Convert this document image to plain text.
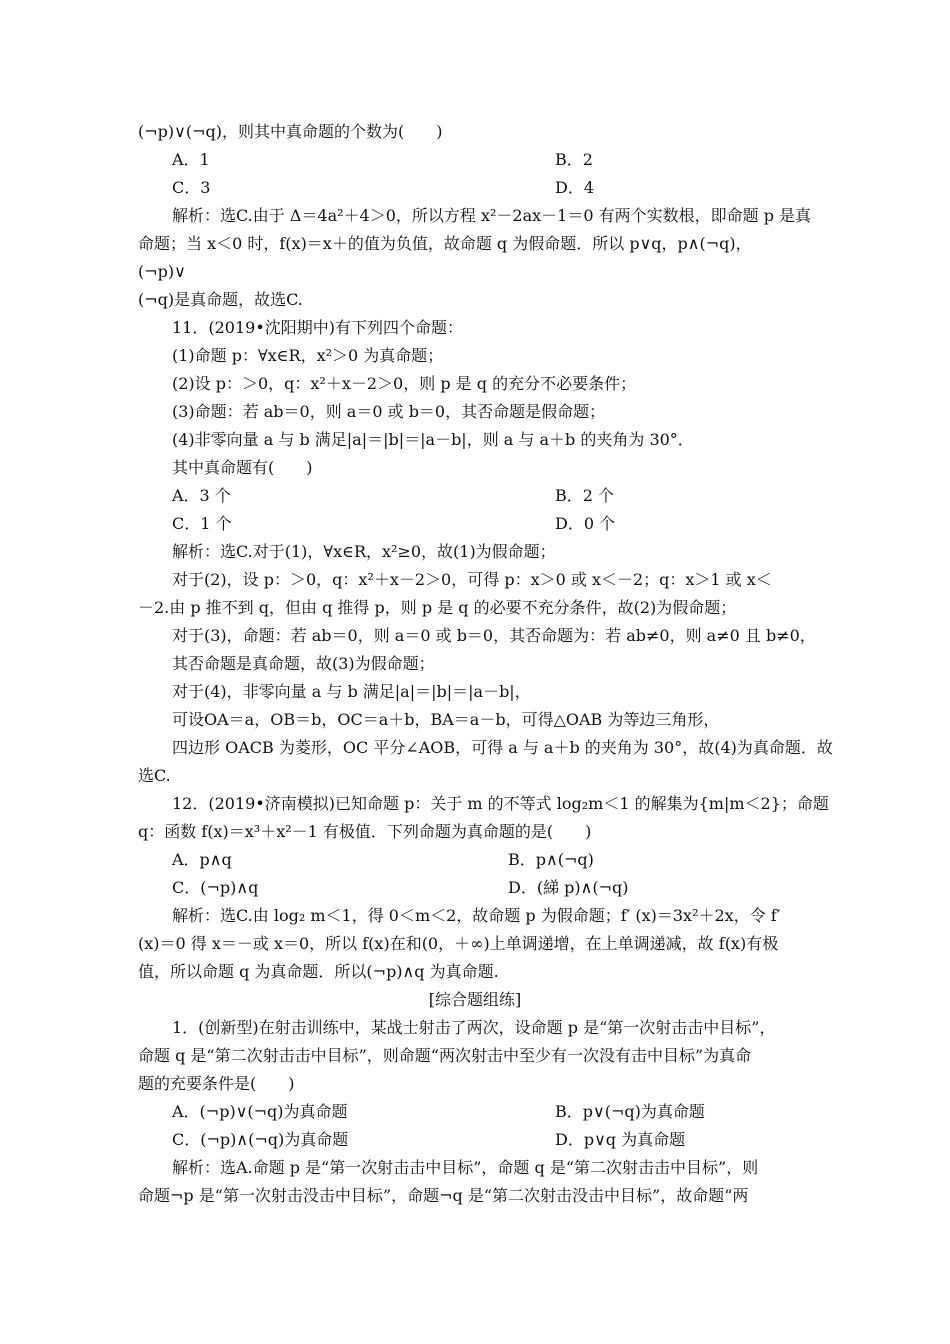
(¬p)∨(¬q)，则其中真命题的个数为(　　)
A．1	B．2
C．3	D．4
解析：选C.由于 Δ＝4a²＋4＞0，所以方程 x²－2ax－1＝0 有两个实数根，即命题 p 是真
命题；当 x＜0 时，f(x)＝x＋的值为负值，故命题 q 为假命题．所以 p∨q，p∧(¬q)，
(¬p)∨
(¬q)是真命题，故选C.
11．(2019•沈阳期中)有下列四个命题：
(1)命题 p：∀x∈R，x²＞0 为真命题；
(2)设 p：＞0，q：x²＋x－2＞0，则 p 是 q 的充分不必要条件；
(3)命题：若 ab＝0，则 a＝0 或 b＝0，其否命题是假命题；
(4)非零向量 a 与 b 满足|a|＝|b|＝|a－b|，则 a 与 a＋b 的夹角为 30°．
其中真命题有(　　)
A．3 个	B．2 个
C．1 个	D．0 个
解析：选C.对于(1)，∀x∈R，x²≥0，故(1)为假命题；
对于(2)，设 p：＞0，q：x²＋x－2＞0，可得 p：x＞0 或 x＜－2；q：x＞1 或 x＜
－2.由 p 推不到 q，但由 q 推得 p，则 p 是 q 的必要不充分条件，故(2)为假命题；
对于(3)，命题：若 ab＝0，则 a＝0 或 b＝0，其否命题为：若 ab≠0，则 a≠0 且 b≠0，
其否命题是真命题，故(3)为假命题；
对于(4)，非零向量 a 与 b 满足|a|＝|b|＝|a－b|，
可设OA＝a，OB＝b，OC＝a＋b，BA＝a－b，可得△OAB 为等边三角形，
四边形 OACB 为菱形，OC 平分∠AOB，可得 a 与 a＋b 的夹角为 30°，故(4)为真命题．故
选C.
12．(2019•济南模拟)已知命题 p：关于 m 的不等式 log₂m＜1 的解集为{m|m＜2}；命题
q：函数 f(x)＝x³＋x²－1 有极值．下列命题为真命题的是(　　)
A．p∧q	B．p∧(¬q)
C．(¬p)∧q	D．(綈 p)∧(¬q)
解析：选C.由 log₂ m＜1，得 0＜m＜2，故命题 p 为假命题；f′ (x)＝3x²＋2x，令 f′
(x)＝0 得 x＝－或 x＝0，所以 f(x)在和(0，＋∞)上单调递增，在上单调递减，故 f(x)有极
值，所以命题 q 为真命题．所以(¬p)∧q 为真命题.
[综合题组练]
1．(创新型)在射击训练中，某战士射击了两次，设命题 p 是“第一次射击击中目标”，
命题 q 是“第二次射击击中目标”，则命题“两次射击中至少有一次没有击中目标”为真命
题的充要条件是(　　)
A．(¬p)∨(¬q)为真命题	B．p∨(¬q)为真命题
C．(¬p)∧(¬q)为真命题	D．p∨q 为真命题
解析：选A.命题 p 是“第一次射击击中目标”，命题 q 是“第二次射击击中目标”，则
命题¬p 是“第一次射击没击中目标”，命题¬q 是“第二次射击没击中目标”，故命题“两
